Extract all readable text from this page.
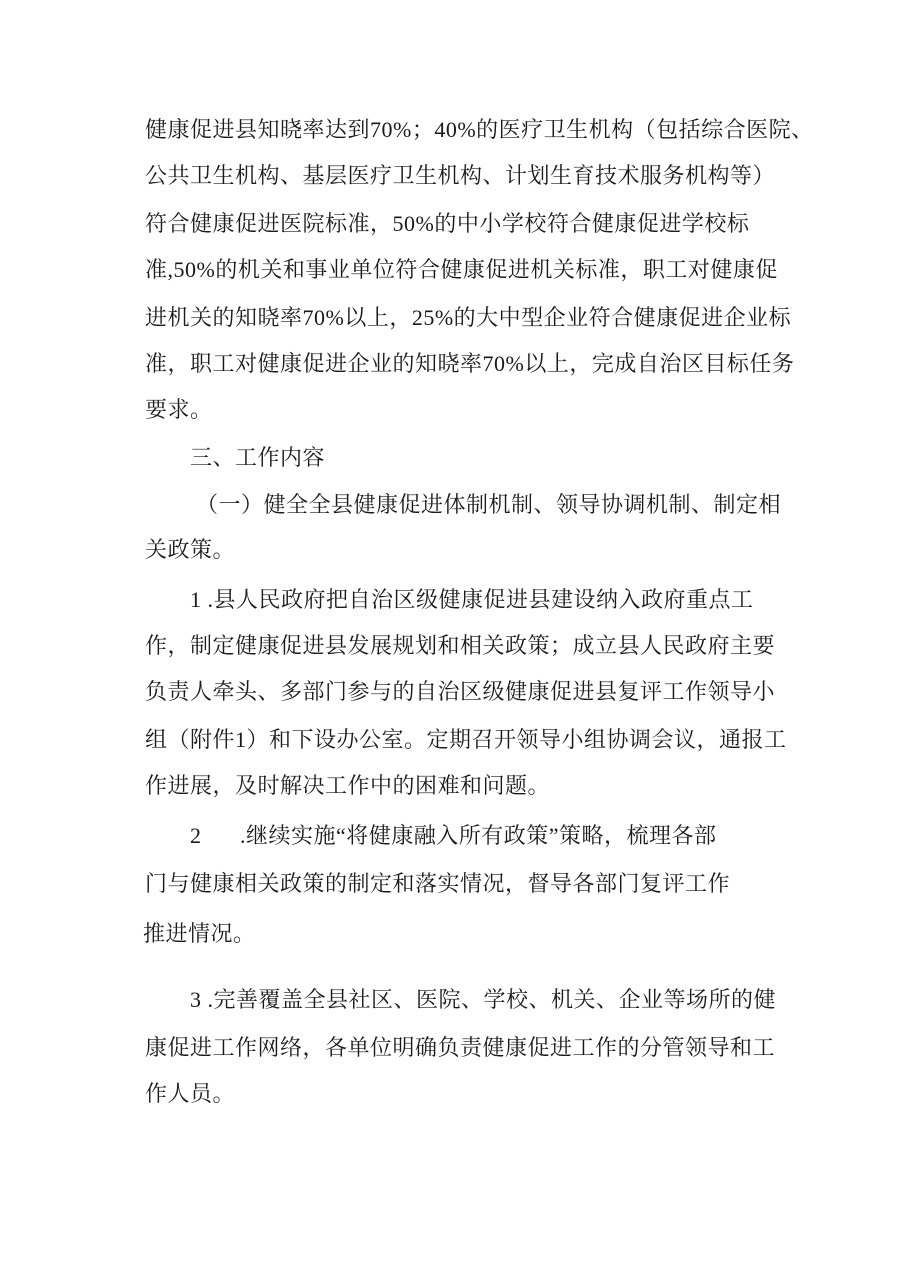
健康促进县知晓率达到70%；40%的医疗卫生机构（包括综合医院、
公共卫生机构、基层医疗卫生机构、计划生育技术服务机构等）
符合健康促进医院标准，50%的中小学校符合健康促进学校标
准,50%的机关和事业单位符合健康促进机关标准，职工对健康促
进机关的知晓率70%以上，25%的大中型企业符合健康促进企业标
准，职工对健康促进企业的知晓率70%以上，完成自治区目标任务
要求。
三、工作内容
（一）健全全县健康促进体制机制、领导协调机制、制定相
关政策。
1 .县人民政府把自治区级健康促进县建设纳入政府重点工
作，制定健康促进县发展规划和相关政策；成立县人民政府主要
负责人牵头、多部门参与的自治区级健康促进县复评工作领导小
组（附件1）和下设办公室。定期召开领导小组协调会议，通报工
作进展，及时解决工作中的困难和问题。
2 .继续实施“将健康融入所有政策”策略，梳理各部
门与健康相关政策的制定和落实情况，督导各部门复评工作
推进情况。
3 .完善覆盖全县社区、医院、学校、机关、企业等场所的健
康促进工作网络，各单位明确负责健康促进工作的分管领导和工
作人员。
